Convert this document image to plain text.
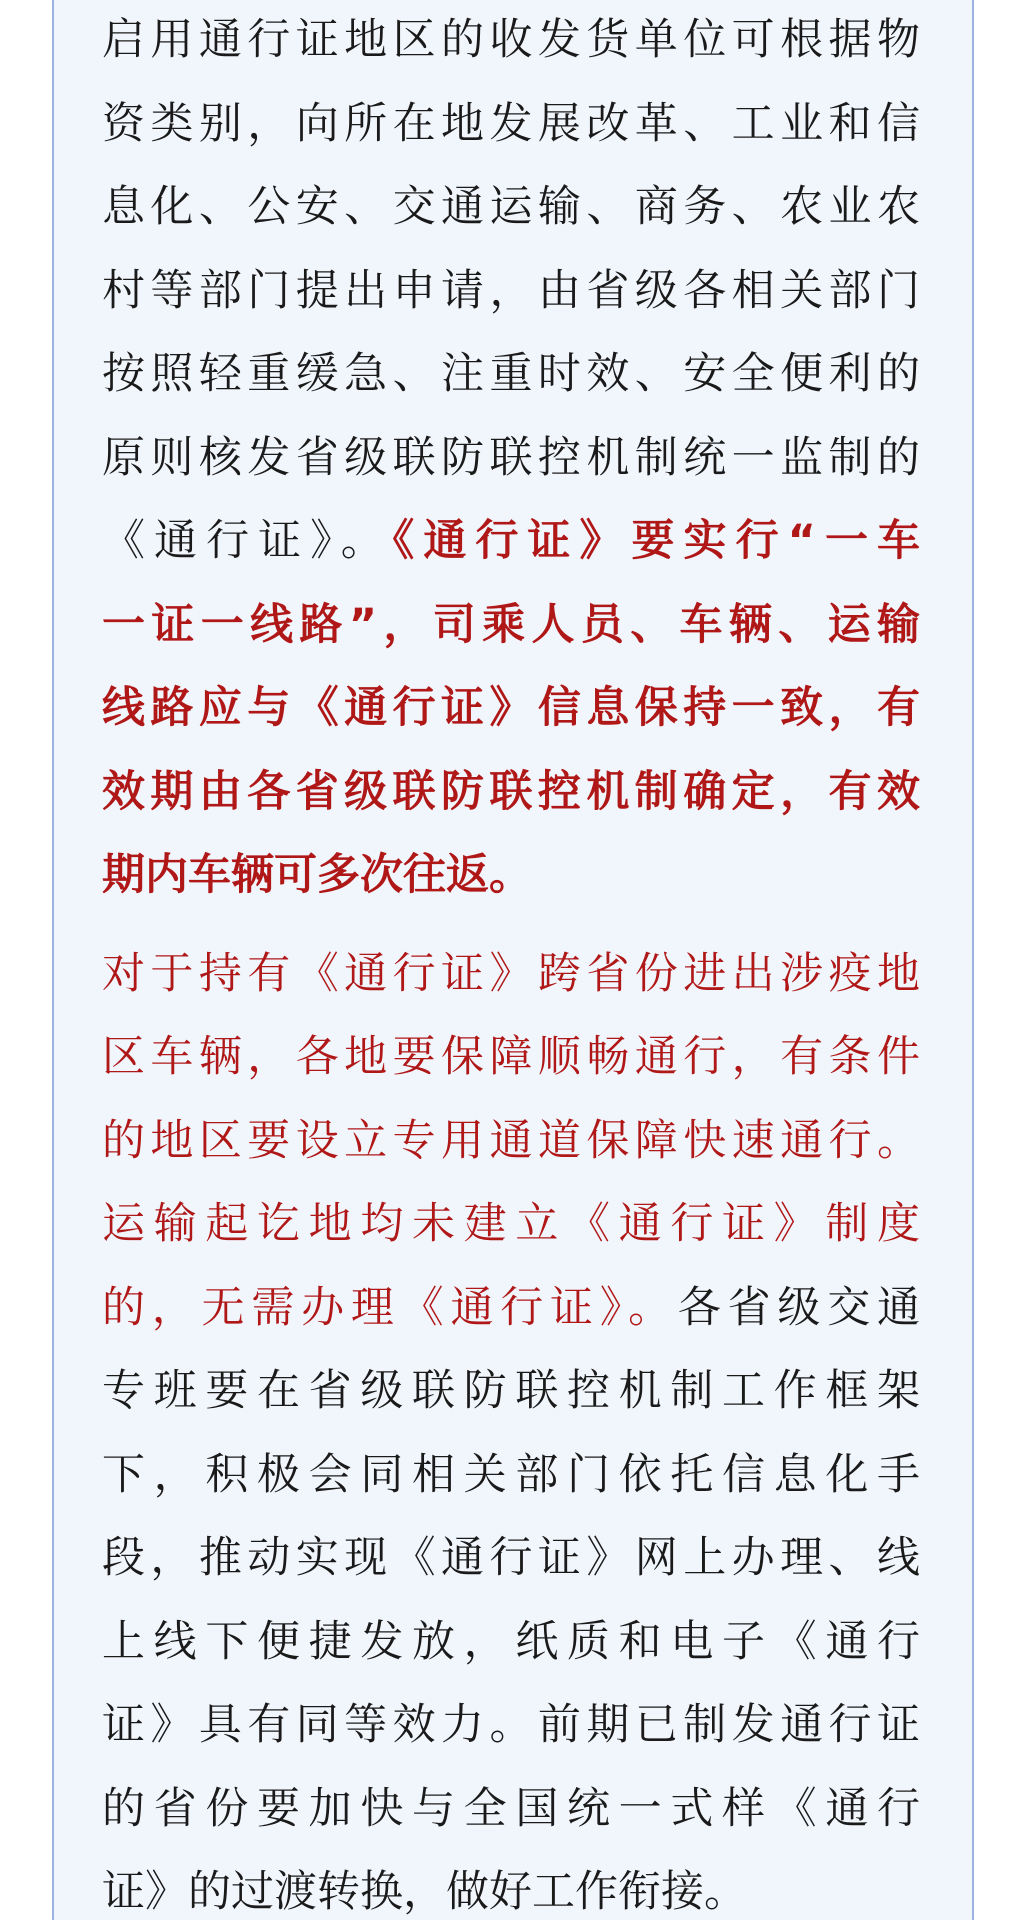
启用通行证地区的收发货单位可根据物
资类别，向所在地发展改革、工业和信
息化、公安、交通运输、商务、农业农
村等部门提出申请，由省级各相关部门
按照轻重缓急、注重时效、安全便利的
原则核发省级联防联控机制统一监制的
《通行证》。《通行证》要实行“一车
一证一线路”，司乘人员、车辆、运输
线路应与《通行证》信息保持一致，有
效期由各省级联防联控机制确定，有效
期内车辆可多次往返。
对于持有《通行证》跨省份进出涉疫地
区车辆，各地要保障顺畅通行，有条件
的地区要设立专用通道保障快速通行。
运输起讫地均未建立《通行证》制度
的，无需办理《通行证》。各省级交通
专班要在省级联防联控机制工作框架
下，积极会同相关部门依托信息化手
段，推动实现《通行证》网上办理、线
上线下便捷发放，纸质和电子《通行
证》具有同等效力。前期已制发通行证
的省份要加快与全国统一式样《通行
证》的过渡转换，做好工作衔接。
